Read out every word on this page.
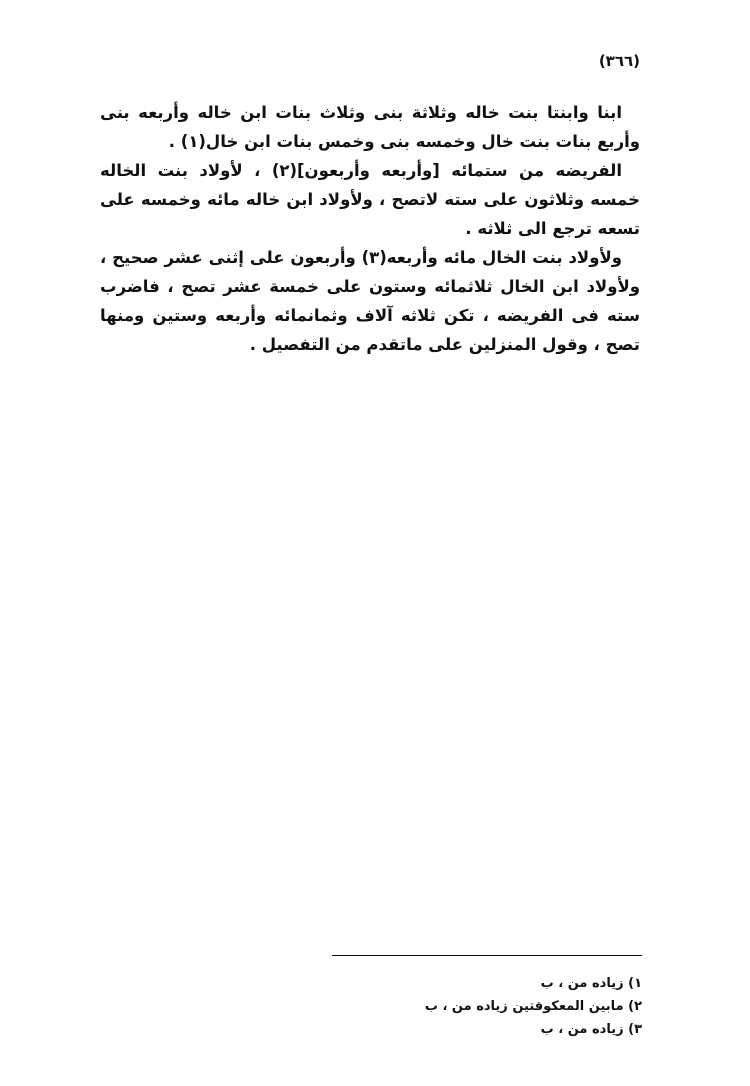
(٣٦٦)

ابنا وابنتا بنت خاله وثلاثة بنى وثلاث بنات ابن خاله وأربعه بنى وأربع بنات بنت خال وخمسه بنى وخمس بنات ابن خال(١) .

الفريضه من ستمائه [وأربعه وأربعون](٢) ، لأولاد بنت الخاله خمسه وثلاثون على سته لاتصح ، ولأولاد ابن خاله مائه وخمسه على تسعه ترجع الى ثلاثه .

ولأولاد بنت الخال مائه وأربعه(٣) وأربعون على إثنى عشر صحيح ، ولأولاد ابن الخال ثلاثمائه وستون على خمسة عشر تصح ، فاضرب سته فى الفريضه ، تكن ثلاثه آلاف وثمانمائه وأربعه وستين ومنها تصح ، وقول المنزلين على ماتقدم من التفصيل .

١) زياده من ، ب
٢) مابين المعكوفتين زياده من ، ب
٣) زياده من ، ب
